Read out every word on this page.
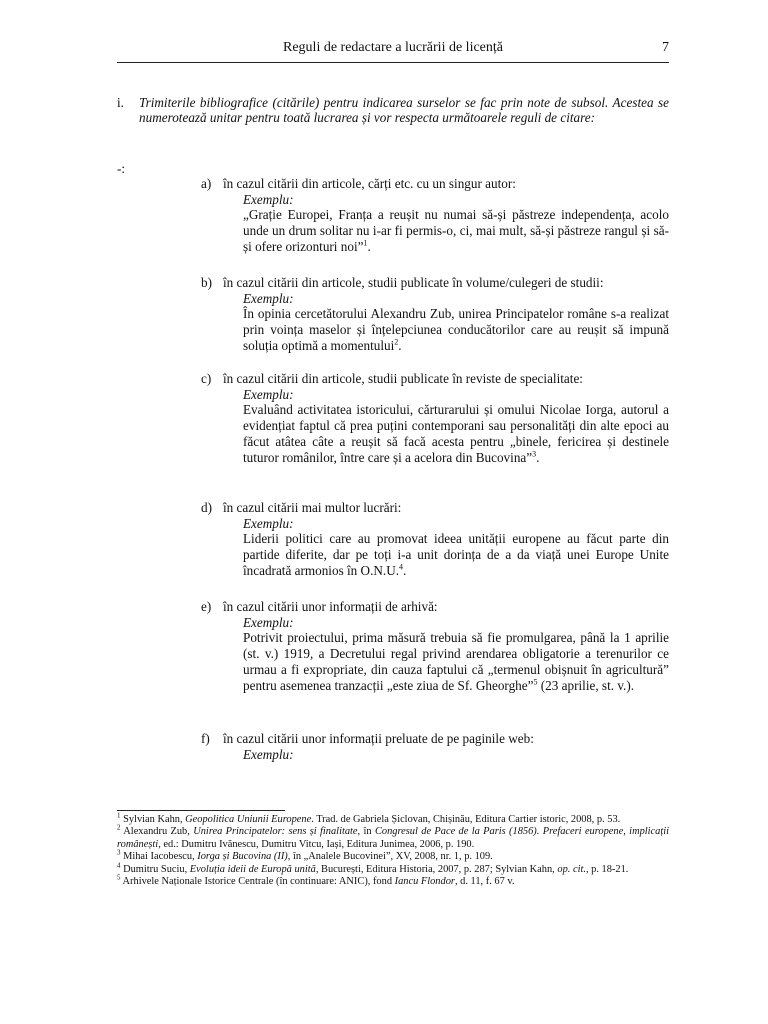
Reguli de redactare a lucrării de licență	7
i. Trimiterile bibliografice (citările) pentru indicarea surselor se fac prin note de subsol. Acestea se numerotează unitar pentru toată lucrarea și vor respecta următoarele reguli de citare:
-:
a) în cazul citării din articole, cărți etc. cu un singur autor:
Exemplu:
„Grație Europei, Franța a reușit nu numai să-și păstreze independența, acolo unde un drum solitar nu i-ar fi permis-o, ci, mai mult, să-și păstreze rangul și să-și ofere orizonturi noi”$^1$.
b) în cazul citării din articole, studii publicate în volume/culegeri de studii:
Exemplu:
În opinia cercetătorului Alexandru Zub, unirea Principatelor române s-a realizat prin voința maselor și înțelepciunea conducătorilor care au reușit să impună soluția optimă a momentului$^2$.
c) în cazul citării din articole, studii publicate în reviste de specialitate:
Exemplu:
Evaluând activitatea istoricului, cărturarului și omului Nicolae Iorga, autorul a evidențiat faptul că prea puțini contemporani sau personalități din alte epoci au făcut atâtea câte a reușit să facă acesta pentru „binele, fericirea și destinele tuturor românilor, între care și a acelora din Bucovina”$^3$.
d) în cazul citării mai multor lucrări:
Exemplu:
Liderii politici care au promovat ideea unității europene au făcut parte din partide diferite, dar pe toți i-a unit dorința de a da viață unei Europe Unite încadrată armonios în O.N.U.$^4$.
e) în cazul citării unor informații de arhivă:
Exemplu:
Potrivit proiectului, prima măsură trebuia să fie promulgarea, până la 1 aprilie (st. v.) 1919, a Decretului regal privind arendarea obligatorie a terenurilor ce urmau a fi expropriate, din cauza faptului că „termenul obișnuit în agricultură” pentru asemenea tranzacții „este ziua de Sf. Gheorghe”$^5$ (23 aprilie, st. v.).
f) în cazul citării unor informații preluate de pe paginile web:
Exemplu:
$^1$ Sylvian Kahn, Geopolitica Uniunii Europene. Trad. de Gabriela Șiclovan, Chișinău, Editura Cartier istoric, 2008, p. 53.
$^2$ Alexandru Zub, Unirea Principatelor: sens și finalitate, în Congresul de Pace de la Paris (1856). Prefaceri europene, implicații românești, ed.: Dumitru Ivănescu, Dumitru Vitcu, Iași, Editura Junimea, 2006, p. 190.
$^3$ Mihai Iacobescu, Iorga și Bucovina (II), în „Analele Bucovinei”, XV, 2008, nr. 1, p. 109.
$^4$ Dumitru Suciu, Evoluția ideii de Europă unită, București, Editura Historia, 2007, p. 287; Sylvian Kahn, op. cit., p. 18-21.
$^5$ Arhivele Naționale Istorice Centrale (în continuare: ANIC), fond Iancu Flondor, d. 11, f. 67 v.
